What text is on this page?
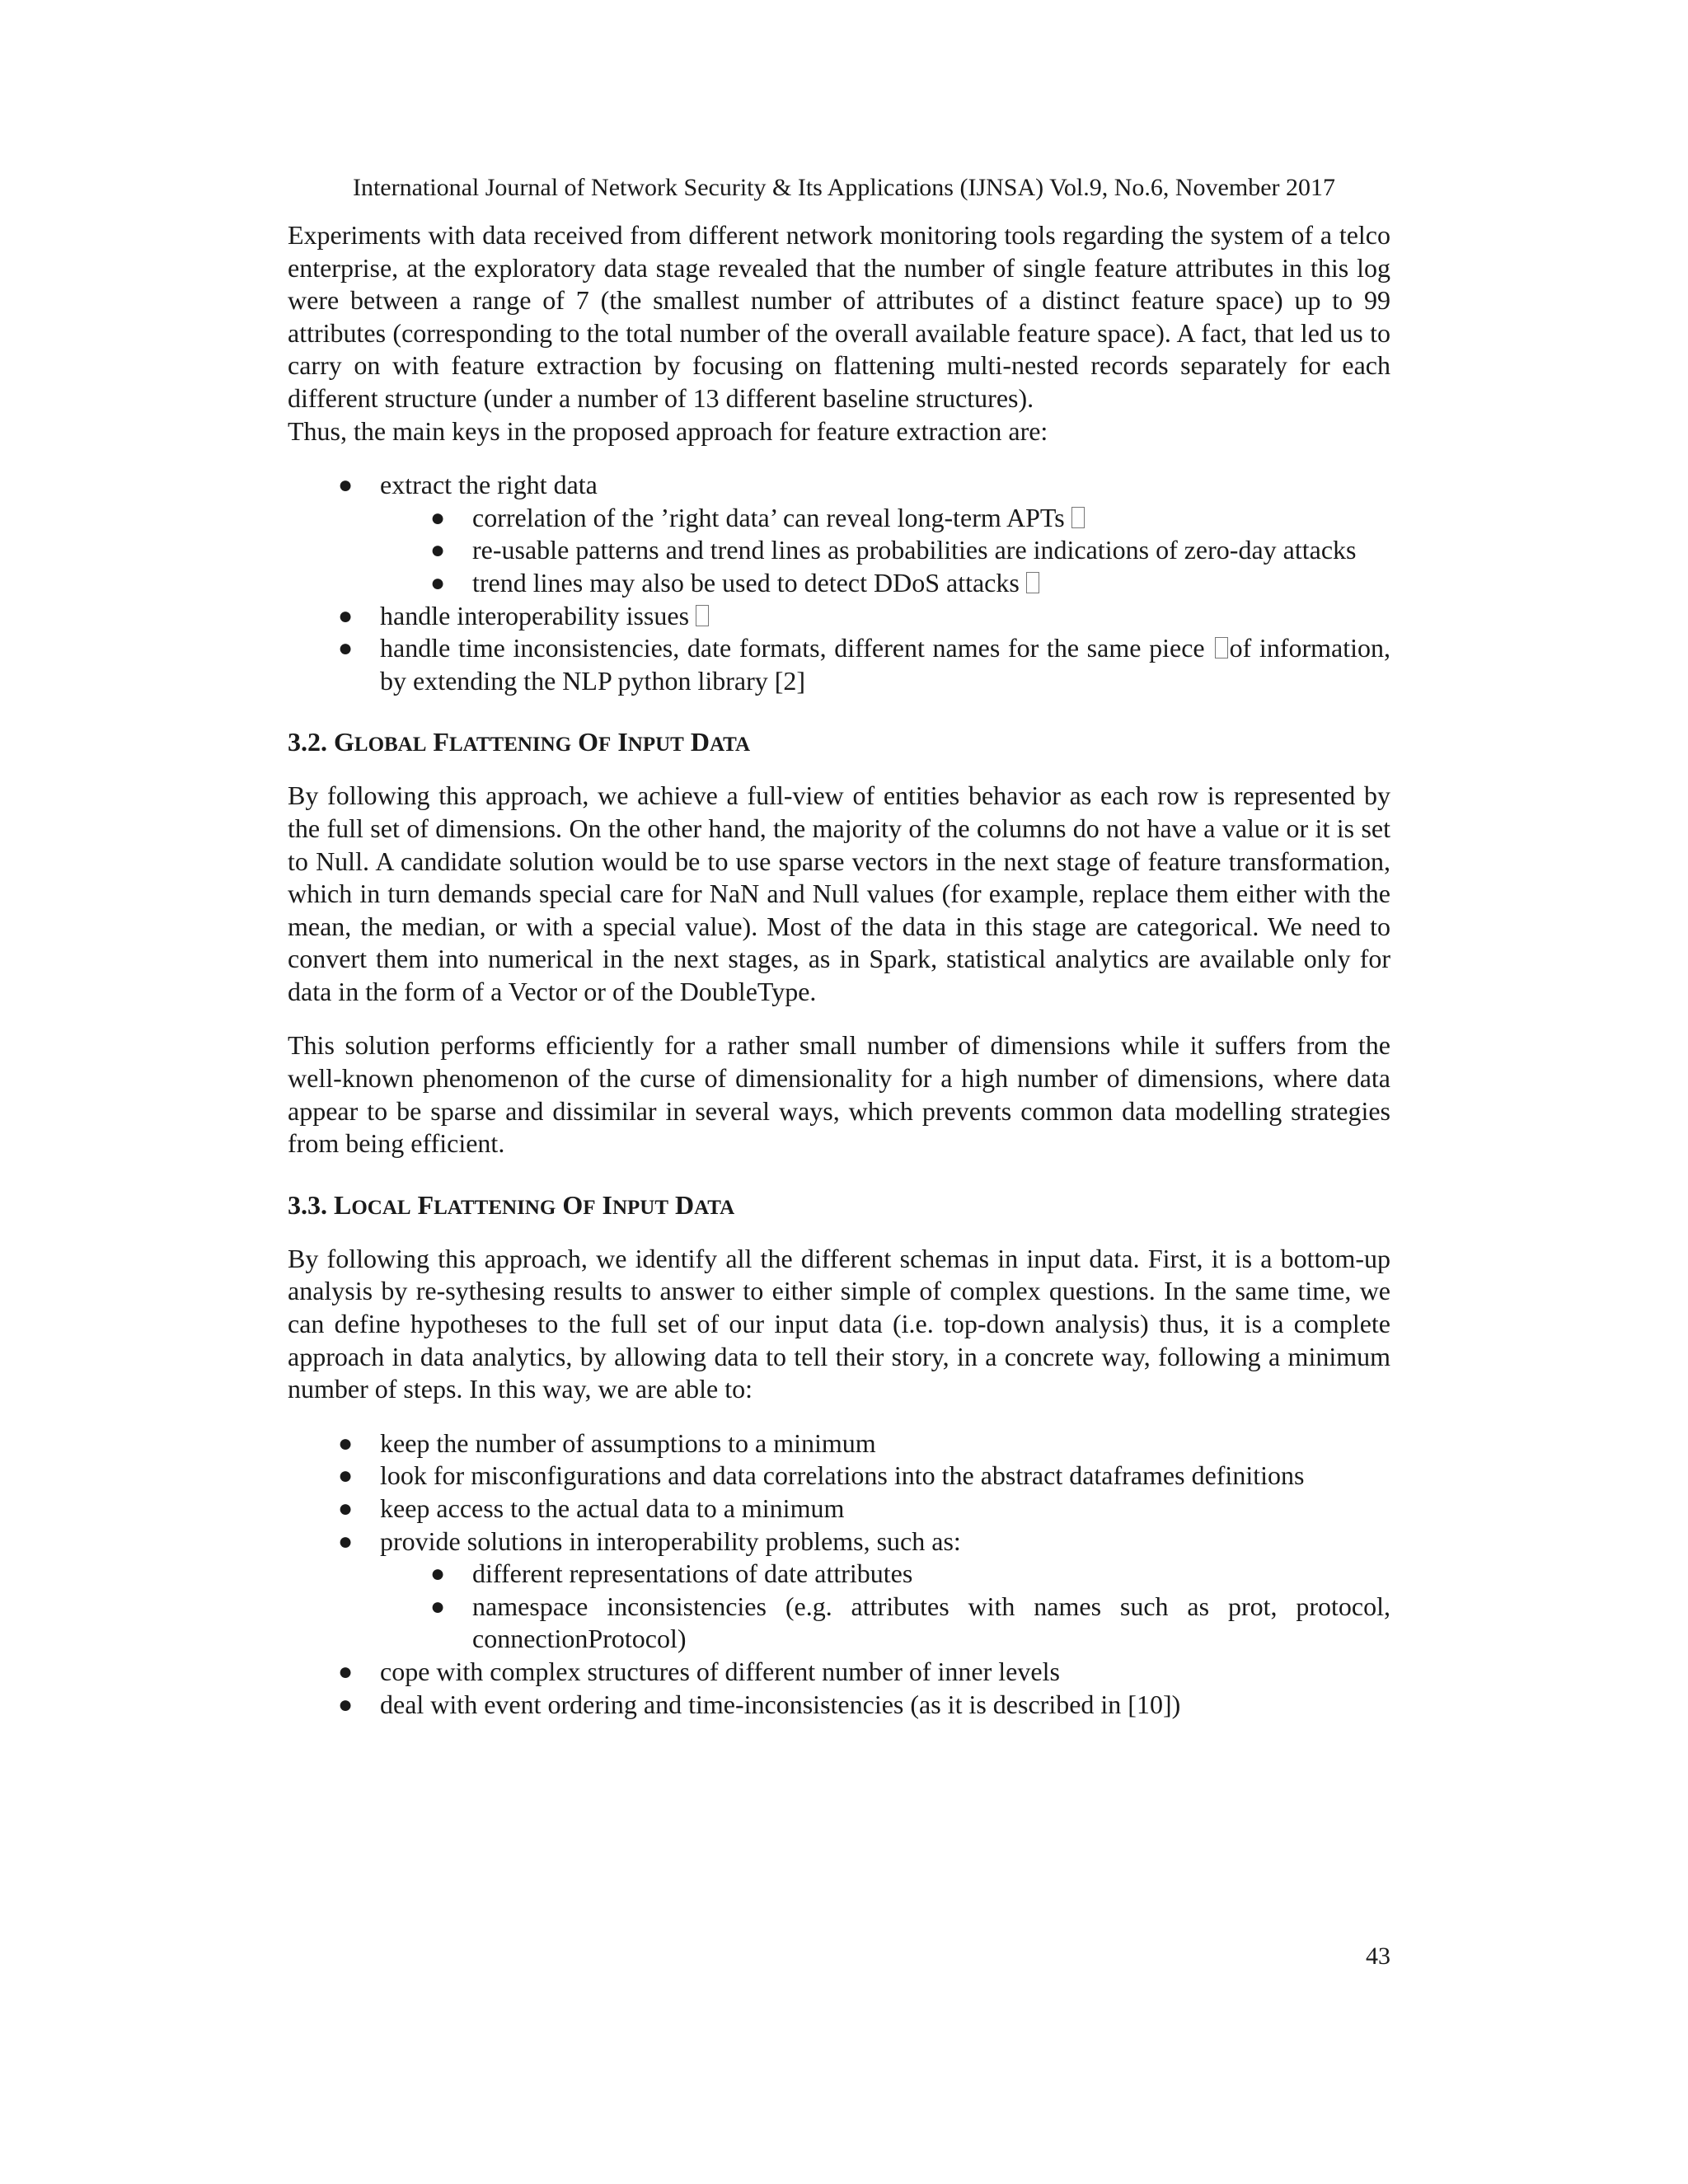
International Journal of Network Security & Its Applications (IJNSA) Vol.9, No.6, November 2017

Experiments with data received from different network monitoring tools regarding the system of a telco enterprise, at the exploratory data stage revealed that the number of single feature attributes in this log were between a range of 7 (the smallest number of attributes of a distinct feature space) up to 99 attributes (corresponding to the total number of the overall available feature space). A fact, that led us to carry on with feature extraction by focusing on flattening multi-nested records separately for each different structure (under a number of 13 different baseline structures).

Thus, the main keys in the proposed approach for feature extraction are:

●	extract the right data
●	correlation of the ’right data’ can reveal long-term APTs
●	re-usable patterns and trend lines as probabilities are indications of zero-day attacks
●	trend lines may also be used to detect DDoS attacks
●	handle interoperability issues
●	handle time inconsistencies, date formats, different names for the same piece of information, by extending the NLP python library [2]
3.2. GLOBAL FLATTENING OF INPUT DATA

By following this approach, we achieve a full-view of entities behavior as each row is represented by the full set of dimensions. On the other hand, the majority of the columns do not have a value or it is set to Null. A candidate solution would be to use sparse vectors in the next stage of feature transformation, which in turn demands special care for NaN and Null values (for example, replace them either with the mean, the median, or with a special value). Most of the data in this stage are categorical. We need to convert them into numerical in the next stages, as in Spark, statistical analytics are available only for data in the form of a Vector or of the DoubleType.

This solution performs efficiently for a rather small number of dimensions while it suffers from the well-known phenomenon of the curse of dimensionality for a high number of dimensions, where data appear to be sparse and dissimilar in several ways, which prevents common data modelling strategies from being efficient.

3.3. LOCAL FLATTENING OF INPUT DATA

By following this approach, we identify all the different schemas in input data. First, it is a bottom-up analysis by re-sythesing results to answer to either simple of complex questions. In the same time, we can define hypotheses to the full set of our input data (i.e. top-down analysis) thus, it is a complete approach in data analytics, by allowing data to tell their story, in a concrete way, following a minimum number of steps. In this way, we are able to:

●	keep the number of assumptions to a minimum
●	look for misconfigurations and data correlations into the abstract dataframes definitions
●	keep access to the actual data to a minimum
●	provide solutions in interoperability problems, such as:
●	different representations of date attributes
●	namespace inconsistencies (e.g. attributes with names such as prot, protocol, connectionProtocol)
●	cope with complex structures of different number of inner levels
●	deal with event ordering and time-inconsistencies (as it is described in [10])
43
